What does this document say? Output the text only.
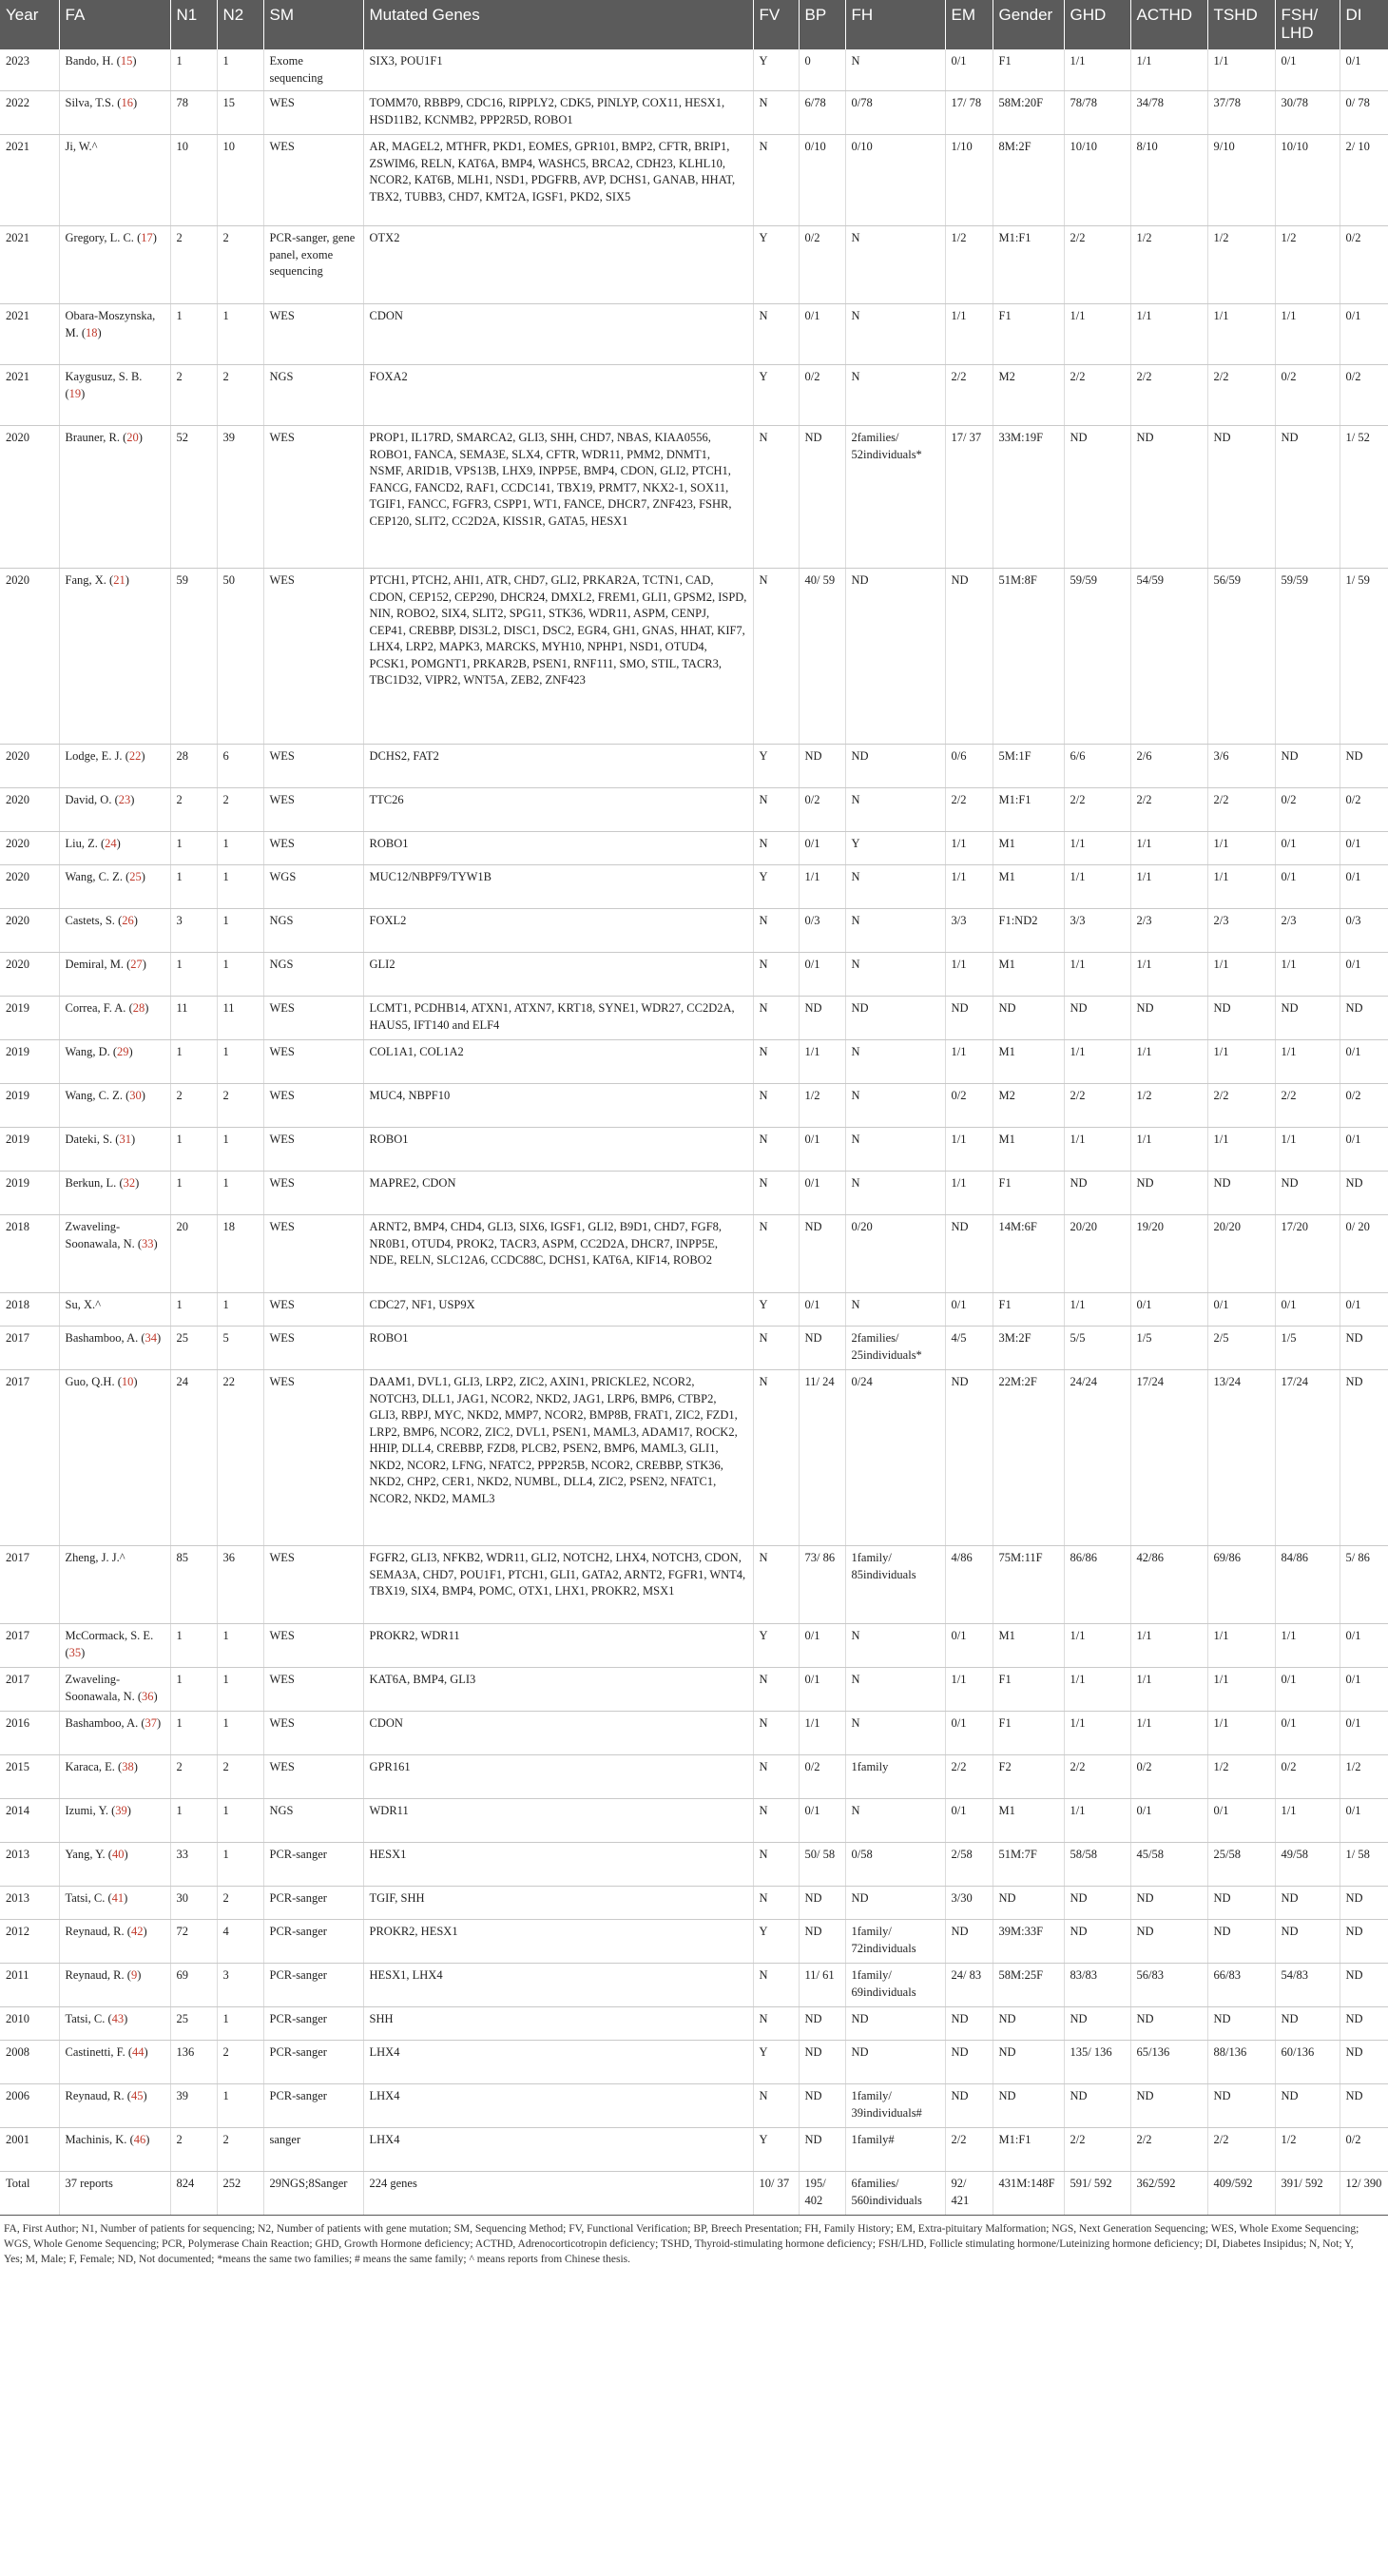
Year	FA	N1	N2	SM	Mutated Genes	FV	BP	FH	EM	Gender	GHD	ACTHD	TSHD	FSH/ LHD	DI
2023	Bando, H. (15)	1	1	Exome sequencing	SIX3, POU1F1	Y	0	N	0/1	F1	1/1	1/1	1/1	0/1	0/1
2022	Silva, T.S. (16)	78	15	WES	TOMM70, RBBP9, CDC16, RIPPLY2, CDK5, PINLYP, COX11, HESX1, HSD11B2, KCNMB2, PPP2R5D, ROBO1	N	6/78	0/78	17/ 78	58M:20F	78/78	34/78	37/78	30/78	0/ 78
2021	Ji, W.^	10	10	WES	AR, MAGEL2, MTHFR, PKD1, EOMES, GPR101, BMP2, CFTR, BRIP1, ZSWIM6, RELN, KAT6A, BMP4, WASHC5, BRCA2, CDH23, KLHL10, NCOR2, KAT6B, MLH1, NSD1, PDGFRB, AVP, DCHS1, GANAB, HHAT, TBX2, TUBB3, CHD7, KMT2A, IGSF1, PKD2, SIX5	N	0/10	0/10	1/10	8M:2F	10/10	8/10	9/10	10/10	2/ 10
2021	Gregory, L. C. (17)	2	2	PCR-sanger, gene panel, exome sequencing	OTX2	Y	0/2	N	1/2	M1:F1	2/2	1/2	1/2	1/2	0/2
2021	Obara-Moszynska, M. (18)	1	1	WES	CDON	N	0/1	N	1/1	F1	1/1	1/1	1/1	1/1	0/1
2021	Kaygusuz, S. B. (19)	2	2	NGS	FOXA2	Y	0/2	N	2/2	M2	2/2	2/2	2/2	0/2	0/2
2020	Brauner, R. (20)	52	39	WES	PROP1, IL17RD, SMARCA2, GLI3, SHH, CHD7, NBAS, KIAA0556, ROBO1, FANCA, SEMA3E, SLX4, CFTR, WDR11, PMM2, DNMT1, NSMF, ARID1B, VPS13B, LHX9, INPP5E, BMP4, CDON, GLI2, PTCH1, FANCG, FANCD2, RAF1, CCDC141, TBX19, PRMT7, NKX2-1, SOX11, TGIF1, FANCC, FGFR3, CSPP1, WT1, FANCE, DHCR7, ZNF423, FSHR, CEP120, SLIT2, CC2D2A, KISS1R, GATA5, HESX1	N	ND	2families/ 52individuals*	17/ 37	33M:19F	ND	ND	ND	ND	1/ 52
2020	Fang, X. (21)	59	50	WES	PTCH1, PTCH2, AHI1, ATR, CHD7, GLI2, PRKAR2A, TCTN1, CAD, CDON, CEP152, CEP290, DHCR24, DMXL2, FREM1, GLI1, GPSM2, ISPD, NIN, ROBO2, SIX4, SLIT2, SPG11, STK36, WDR11, ASPM, CENPJ, CEP41, CREBBP, DIS3L2, DISC1, DSC2, EGR4, GH1, GNAS, HHAT, KIF7, LHX4, LRP2, MAPK3, MARCKS, MYH10, NPHP1, NSD1, OTUD4, PCSK1, POMGNT1, PRKAR2B, PSEN1, RNF111, SMO, STIL, TACR3, TBC1D32, VIPR2, WNT5A, ZEB2, ZNF423	N	40/ 59	ND	ND	51M:8F	59/59	54/59	56/59	59/59	1/ 59
2020	Lodge, E. J. (22)	28	6	WES	DCHS2, FAT2	Y	ND	ND	0/6	5M:1F	6/6	2/6	3/6	ND	ND
2020	David, O. (23)	2	2	WES	TTC26	N	0/2	N	2/2	M1:F1	2/2	2/2	2/2	0/2	0/2
2020	Liu, Z. (24)	1	1	WES	ROBO1	N	0/1	Y	1/1	M1	1/1	1/1	1/1	0/1	0/1
2020	Wang, C. Z. (25)	1	1	WGS	MUC12/NBPF9/TYW1B	Y	1/1	N	1/1	M1	1/1	1/1	1/1	0/1	0/1
2020	Castets, S. (26)	3	1	NGS	FOXL2	N	0/3	N	3/3	F1:ND2	3/3	2/3	2/3	2/3	0/3
2020	Demiral, M. (27)	1	1	NGS	GLI2	N	0/1	N	1/1	M1	1/1	1/1	1/1	1/1	0/1
2019	Correa, F. A. (28)	11	11	WES	LCMT1, PCDHB14, ATXN1, ATXN7, KRT18, SYNE1, WDR27, CC2D2A, HAUS5, IFT140 and ELF4	N	ND	ND	ND	ND	ND	ND	ND	ND	ND
2019	Wang, D. (29)	1	1	WES	COL1A1, COL1A2	N	1/1	N	1/1	M1	1/1	1/1	1/1	1/1	0/1
2019	Wang, C. Z. (30)	2	2	WES	MUC4, NBPF10	N	1/2	N	0/2	M2	2/2	1/2	2/2	2/2	0/2
2019	Dateki, S. (31)	1	1	WES	ROBO1	N	0/1	N	1/1	M1	1/1	1/1	1/1	1/1	0/1
2019	Berkun, L. (32)	1	1	WES	MAPRE2, CDON	N	0/1	N	1/1	F1	ND	ND	ND	ND	ND
2018	Zwaveling-Soonawala, N. (33)	20	18	WES	ARNT2, BMP4, CHD4, GLI3, SIX6, IGSF1, GLI2, B9D1, CHD7, FGF8, NR0B1, OTUD4, PROK2, TACR3, ASPM, CC2D2A, DHCR7, INPP5E, NDE, RELN, SLC12A6, CCDC88C, DCHS1, KAT6A, KIF14, ROBO2	N	ND	0/20	ND	14M:6F	20/20	19/20	20/20	17/20	0/ 20
2018	Su, X.^	1	1	WES	CDC27, NF1, USP9X	Y	0/1	N	0/1	F1	1/1	0/1	0/1	0/1	0/1
2017	Bashamboo, A. (34)	25	5	WES	ROBO1	N	ND	2families/ 25individuals*	4/5	3M:2F	5/5	1/5	2/5	1/5	ND
2017	Guo, Q.H. (10)	24	22	WES	DAAM1, DVL1, GLI3, LRP2, ZIC2, AXIN1, PRICKLE2, NCOR2, NOTCH3, DLL1, JAG1, NCOR2, NKD2, JAG1, LRP6, BMP6, CTBP2, GLI3, RBPJ, MYC, NKD2, MMP7, NCOR2, BMP8B, FRAT1, ZIC2, FZD1, LRP2, BMP6, NCOR2, ZIC2, DVL1, PSEN1, MAML3, ADAM17, ROCK2, HHIP, DLL4, CREBBP, FZD8, PLCB2, PSEN2, BMP6, MAML3, GLI1, NKD2, NCOR2, LFNG, NFATC2, PPP2R5B, NCOR2, CREBBP, STK36, NKD2, CHP2, CER1, NKD2, NUMBL, DLL4, ZIC2, PSEN2, NFATC1, NCOR2, NKD2, MAML3	N	11/ 24	0/24	ND	22M:2F	24/24	17/24	13/24	17/24	ND
2017	Zheng, J. J.^	85	36	WES	FGFR2, GLI3, NFKB2, WDR11, GLI2, NOTCH2, LHX4, NOTCH3, CDON, SEMA3A, CHD7, POU1F1, PTCH1, GLI1, GATA2, ARNT2, FGFR1, WNT4, TBX19, SIX4, BMP4, POMC, OTX1, LHX1, PROKR2, MSX1	N	73/ 86	1family/ 85individuals	4/86	75M:11F	86/86	42/86	69/86	84/86	5/ 86
2017	McCormack, S. E. (35)	1	1	WES	PROKR2, WDR11	Y	0/1	N	0/1	M1	1/1	1/1	1/1	1/1	0/1
2017	Zwaveling-Soonawala, N. (36)	1	1	WES	KAT6A, BMP4, GLI3	N	0/1	N	1/1	F1	1/1	1/1	1/1	0/1	0/1
2016	Bashamboo, A. (37)	1	1	WES	CDON	N	1/1	N	0/1	F1	1/1	1/1	1/1	0/1	0/1
2015	Karaca, E. (38)	2	2	WES	GPR161	N	0/2	1family	2/2	F2	2/2	0/2	1/2	0/2	1/2
2014	Izumi, Y. (39)	1	1	NGS	WDR11	N	0/1	N	0/1	M1	1/1	0/1	0/1	1/1	0/1
2013	Yang, Y. (40)	33	1	PCR-sanger	HESX1	N	50/ 58	0/58	2/58	51M:7F	58/58	45/58	25/58	49/58	1/ 58
2013	Tatsi, C. (41)	30	2	PCR-sanger	TGIF, SHH	N	ND	ND	3/30	ND	ND	ND	ND	ND	ND
2012	Reynaud, R. (42)	72	4	PCR-sanger	PROKR2, HESX1	Y	ND	1family/ 72individuals	ND	39M:33F	ND	ND	ND	ND	ND
2011	Reynaud, R. (9)	69	3	PCR-sanger	HESX1, LHX4	N	11/ 61	1family/ 69individuals	24/ 83	58M:25F	83/83	56/83	66/83	54/83	ND
2010	Tatsi, C. (43)	25	1	PCR-sanger	SHH	N	ND	ND	ND	ND	ND	ND	ND	ND	ND
2008	Castinetti, F. (44)	136	2	PCR-sanger	LHX4	Y	ND	ND	ND	ND	135/ 136	65/136	88/136	60/136	ND
2006	Reynaud, R. (45)	39	1	PCR-sanger	LHX4	N	ND	1family/ 39individuals#	ND	ND	ND	ND	ND	ND	ND
2001	Machinis, K. (46)	2	2	sanger	LHX4	Y	ND	1family#	2/2	M1:F1	2/2	2/2	2/2	1/2	0/2
Total	37 reports	824	252	29NGS;8Sanger	224 genes	10/ 37	195/ 402	6families/ 560individuals	92/ 421	431M:148F	591/ 592	362/592	409/592	391/ 592	12/ 390
FA, First Author; N1, Number of patients for sequencing; N2, Number of patients with gene mutation; SM, Sequencing Method; FV, Functional Verification; BP, Breech Presentation; FH, Family History; EM, Extra-pituitary Malformation; NGS, Next Generation Sequencing; WES, Whole Exome Sequencing; WGS, Whole Genome Sequencing; PCR, Polymerase Chain Reaction; GHD, Growth Hormone deficiency; ACTHD, Adrenocorticotropin deficiency; TSHD, Thyroid-stimulating hormone deficiency; FSH/LHD, Follicle stimulating hormone/Luteinizing hormone deficiency; DI, Diabetes Insipidus; N, Not; Y, Yes; M, Male; F, Female; ND, Not documented; *means the same two families; # means the same family; ^ means reports from Chinese thesis.
